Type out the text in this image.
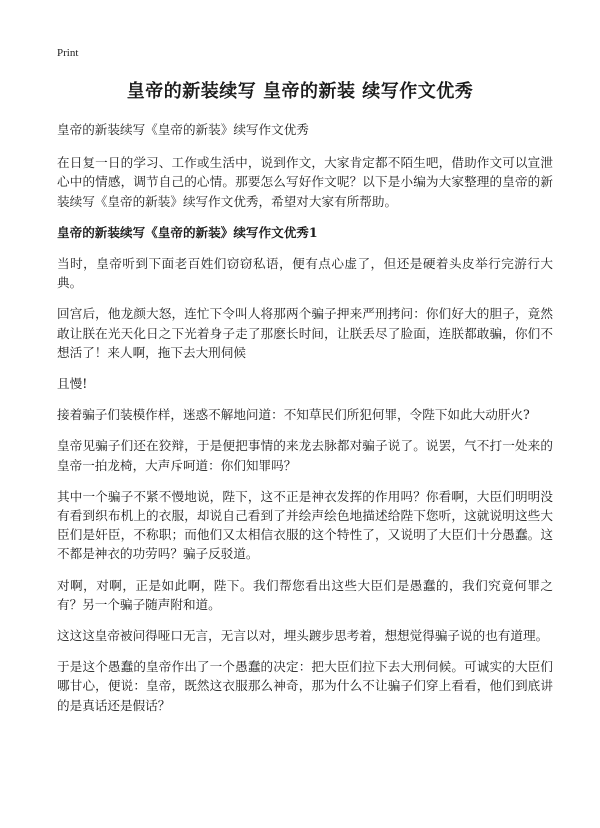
Print
皇帝的新装续写 皇帝的新装 续写作文优秀

皇帝的新装续写《皇帝的新装》续写作文优秀

在日复一日的学习、工作或生活中，说到作文，大家肯定都不陌生吧，借助作文可以宣泄心中的情感，调节自己的心情。那要怎么写好作文呢？以下是小编为大家整理的皇帝的新装续写《皇帝的新装》续写作文优秀，希望对大家有所帮助。

皇帝的新装续写《皇帝的新装》续写作文优秀1

当时，皇帝听到下面老百姓们窃窃私语，便有点心虚了，但还是硬着头皮举行完游行大典。

回宫后，他龙颜大怒，连忙下令叫人将那两个骗子押来严刑拷问：你们好大的胆子，竟然敢让朕在光天化日之下光着身子走了那麽长时间，让朕丢尽了脸面，连朕都敢骗，你们不想活了！来人啊，拖下去大刑伺候

且慢!

接着骗子们装模作样，迷惑不解地问道：不知草民们所犯何罪，令陛下如此大动肝火?

皇帝见骗子们还在狡辩，于是便把事情的来龙去脉都对骗子说了。说罢，气不打一处来的皇帝一拍龙椅，大声斥呵道：你们知罪吗？

其中一个骗子不紧不慢地说，陛下，这不正是神衣发挥的作用吗？你看啊，大臣们明明没有看到织布机上的衣服，却说自己看到了并绘声绘色地描述给陛下您听，这就说明这些大臣们是奸臣，不称职；而他们又太相信衣服的这个特性了，又说明了大臣们十分愚蠢。这不都是神衣的功劳吗？骗子反驳道。

对啊，对啊，正是如此啊，陛下。我们帮您看出这些大臣们是愚蠢的，我们究竟何罪之有？另一个骗子随声附和道。

这这这皇帝被问得哑口无言，无言以对，埋头踱步思考着，想想觉得骗子说的也有道理。

于是这个愚蠢的皇帝作出了一个愚蠢的决定：把大臣们拉下去大刑伺候。可诚实的大臣们哪甘心，便说：皇帝，既然这衣服那么神奇，那为什么不让骗子们穿上看看，他们到底讲的是真话还是假话？
